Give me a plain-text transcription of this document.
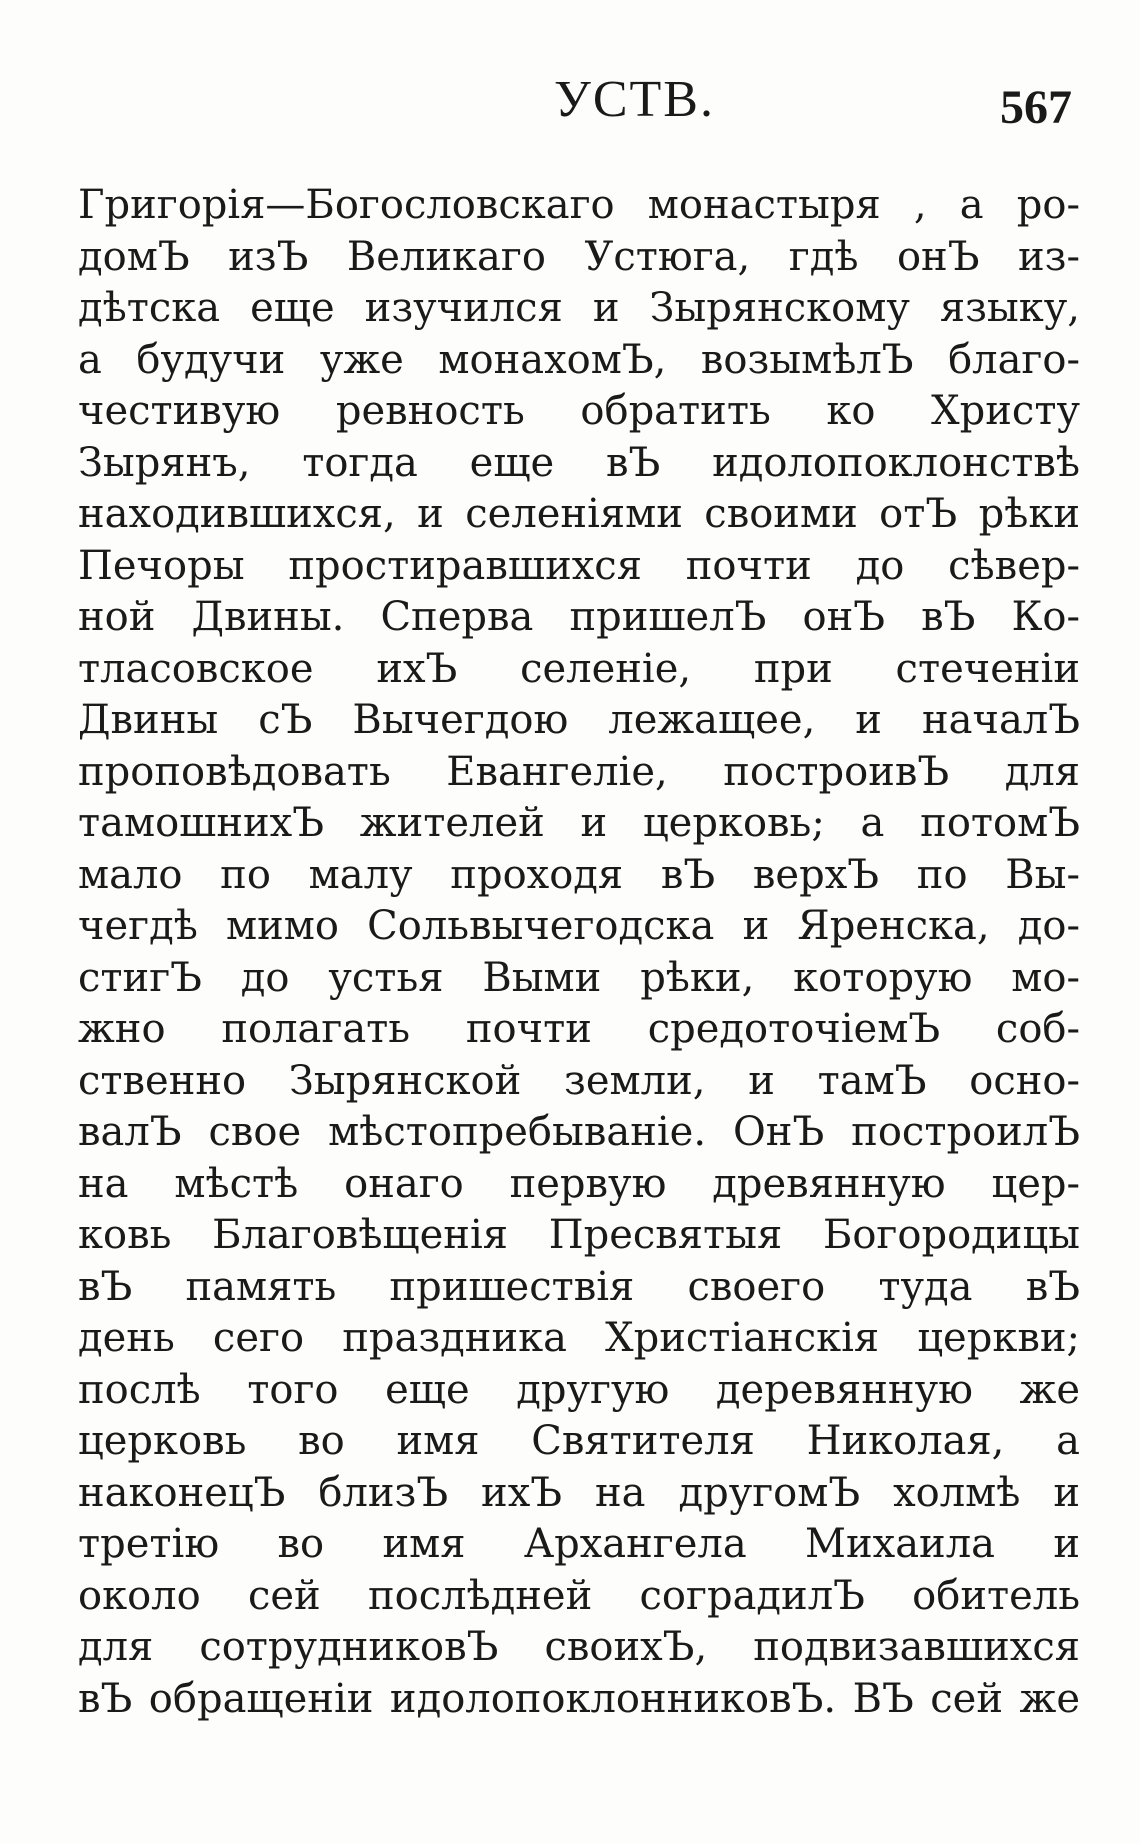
УСТВ.	567
Григорія—Богословскаго монастыря , а ро-
домЪ изЪ Великаго Устюга, гдѣ онЪ из-
дѣтска еще изучился и Зырянскому языку,
а будучи уже монахомЪ, возымѣлЪ благо-
честивую ревность обратить ко Христу
Зырянъ, тогда еще вЪ идолопоклонствѣ
находившихся, и селеніями своими отЪ рѣки
Печоры простиравшихся почти до сѣвер-
ной Двины. Сперва пришелЪ онЪ вЪ Ко-
тласовское ихЪ селеніе, при стеченіи
Двины сЪ Вычегдою лежащее, и началЪ
проповѣдовать Евангеліе, построивЪ для
тамошнихЪ жителей и церковь; а потомЪ
мало по малу проходя вЪ верхЪ по Вы-
чегдѣ мимо Сольвычегодска и Яренска, до-
стигЪ до устья Выми рѣки, которую мо-
жно полагать почти средоточіемЪ соб-
ственно Зырянской земли, и тамЪ осно-
валЪ свое мѣстопребываніе. ОнЪ построилЪ
на мѣстѣ онаго первую древянную цер-
ковь Благовѣщенія Пресвятыя Богородицы
вЪ память пришествія своего туда вЪ
день сего праздника Христіанскія церкви;
послѣ того еще другую деревянную же
церковь во имя Святителя Николая, а
наконецЪ близЪ ихЪ на другомЪ холмѣ и
третію во имя Архангела Михаила и
около сей послѣдней соградилЪ обитель
для сотрудниковЪ своихЪ, подвизавшихся
вЪ обращеніи идолопоклонниковЪ. ВЪ сей же
